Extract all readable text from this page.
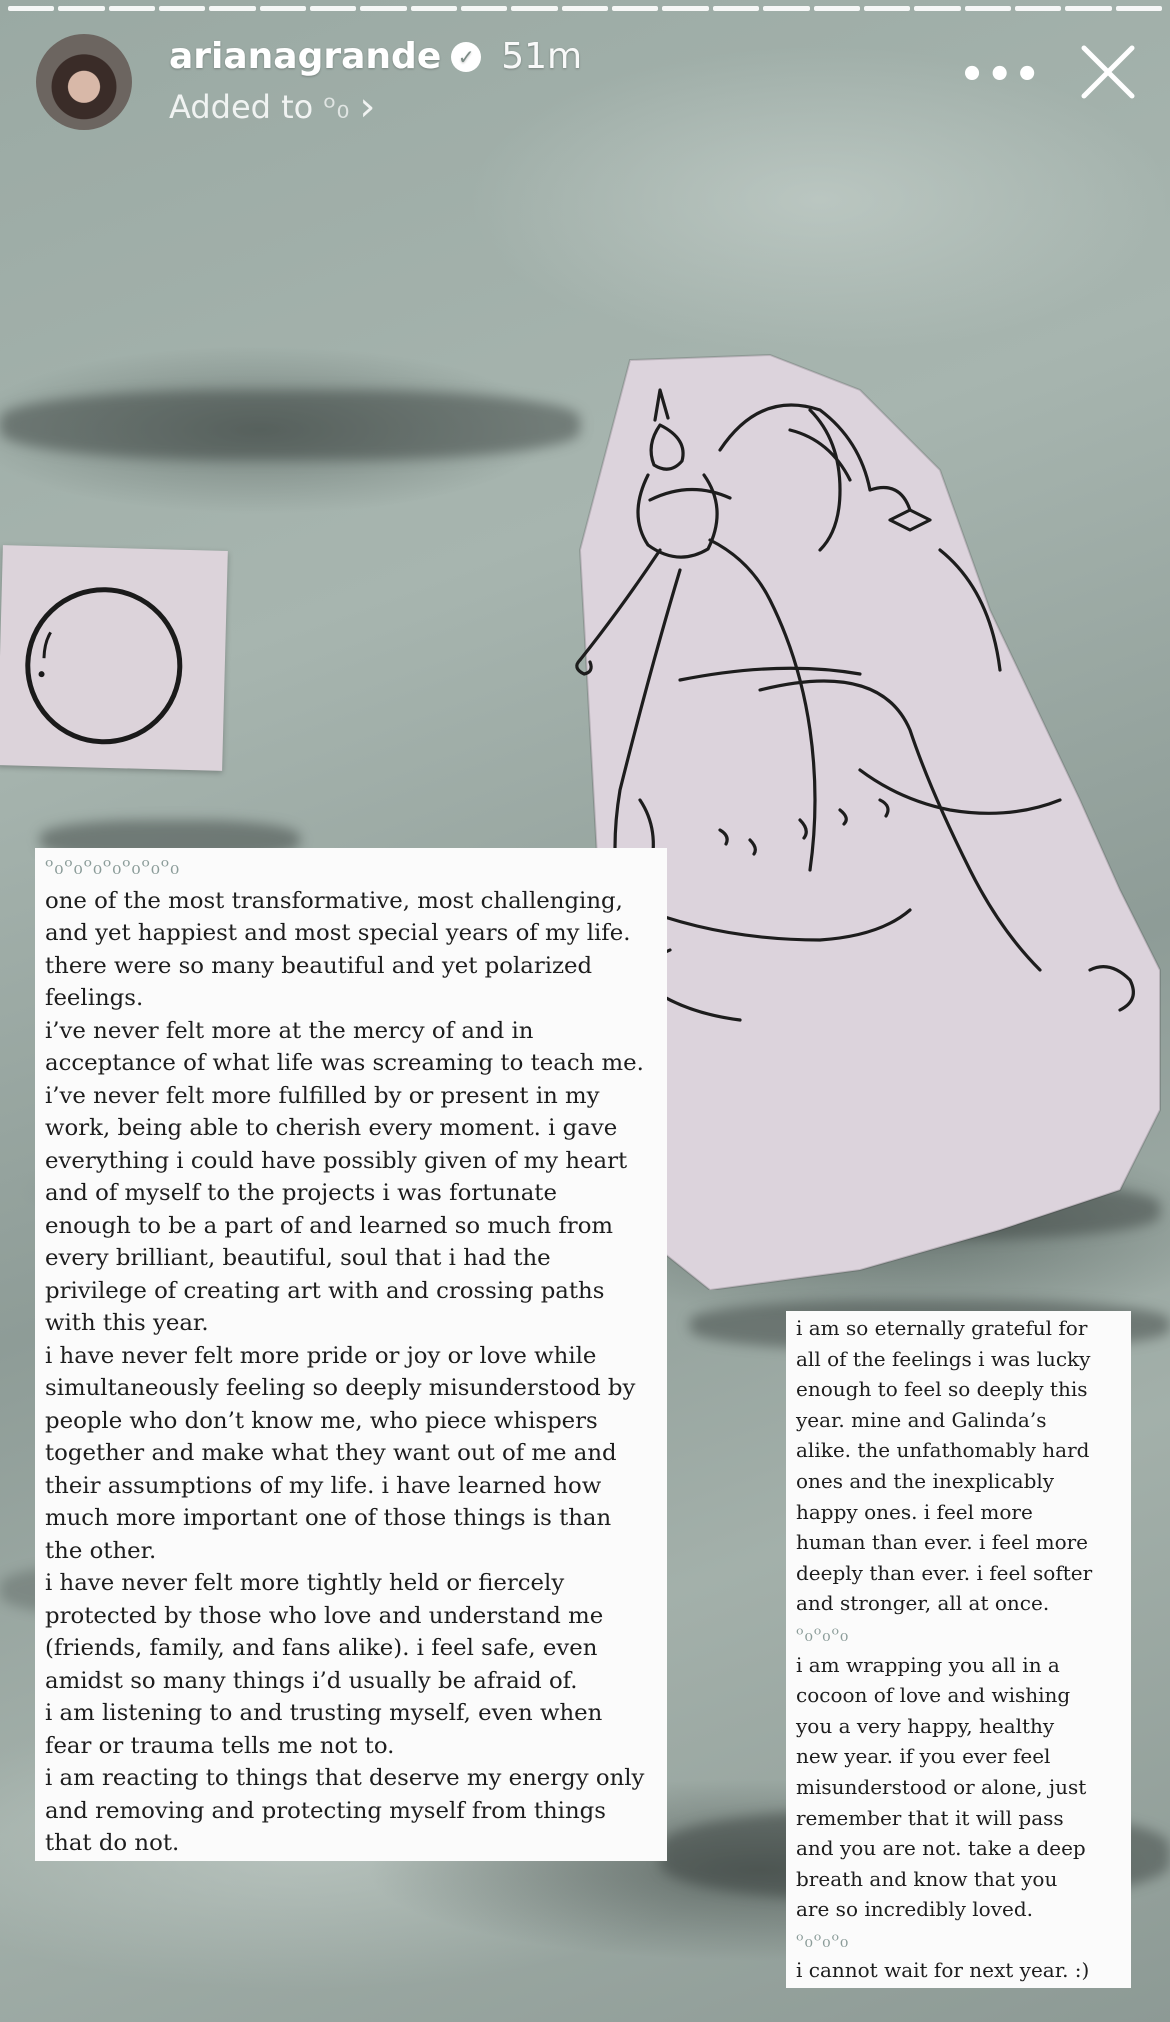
arianagrande ✓ 51m
Added to ᵒ₀ ›
•••

ᵒ₀ᵒ₀ᵒ₀ᵒ₀ᵒ₀ᵒ₀ᵒ₀

one of the most transformative, most challenging,

and yet happiest and most special years of my life.

there were so many beautiful and yet polarized

feelings.

i’ve never felt more at the mercy of and in

acceptance of what life was screaming to teach me.

i’ve never felt more fulfilled by or present in my

work, being able to cherish every moment. i gave

everything i could have possibly given of my heart

and of myself to the projects i was fortunate

enough to be a part of and learned so much from

every brilliant, beautiful, soul that i had the

privilege of creating art with and crossing paths

with this year.

i have never felt more pride or joy or love while

simultaneously feeling so deeply misunderstood by

people who don’t know me, who piece whispers

together and make what they want out of me and

their assumptions of my life. i have learned how

much more important one of those things is than

the other.

i have never felt more tightly held or fiercely

protected by those who love and understand me

(friends, family, and fans alike). i feel safe, even

amidst so many things i’d usually be afraid of.

i am listening to and trusting myself, even when

fear or trauma tells me not to.

i am reacting to things that deserve my energy only

and removing and protecting myself from things

that do not.

i am so eternally grateful for

all of the feelings i was lucky

enough to feel so deeply this

year. mine and Galinda’s

alike. the unfathomably hard

ones and the inexplicably

happy ones. i feel more

human than ever. i feel more

deeply than ever. i feel softer

and stronger, all at once.

ᵒ₀ᵒ₀ᵒ₀

i am wrapping you all in a

cocoon of love and wishing

you a very happy, healthy

new year. if you ever feel

misunderstood or alone, just

remember that it will pass

and you are not. take a deep

breath and know that you

are so incredibly loved.

ᵒ₀ᵒ₀ᵒ₀

i cannot wait for next year. :)
